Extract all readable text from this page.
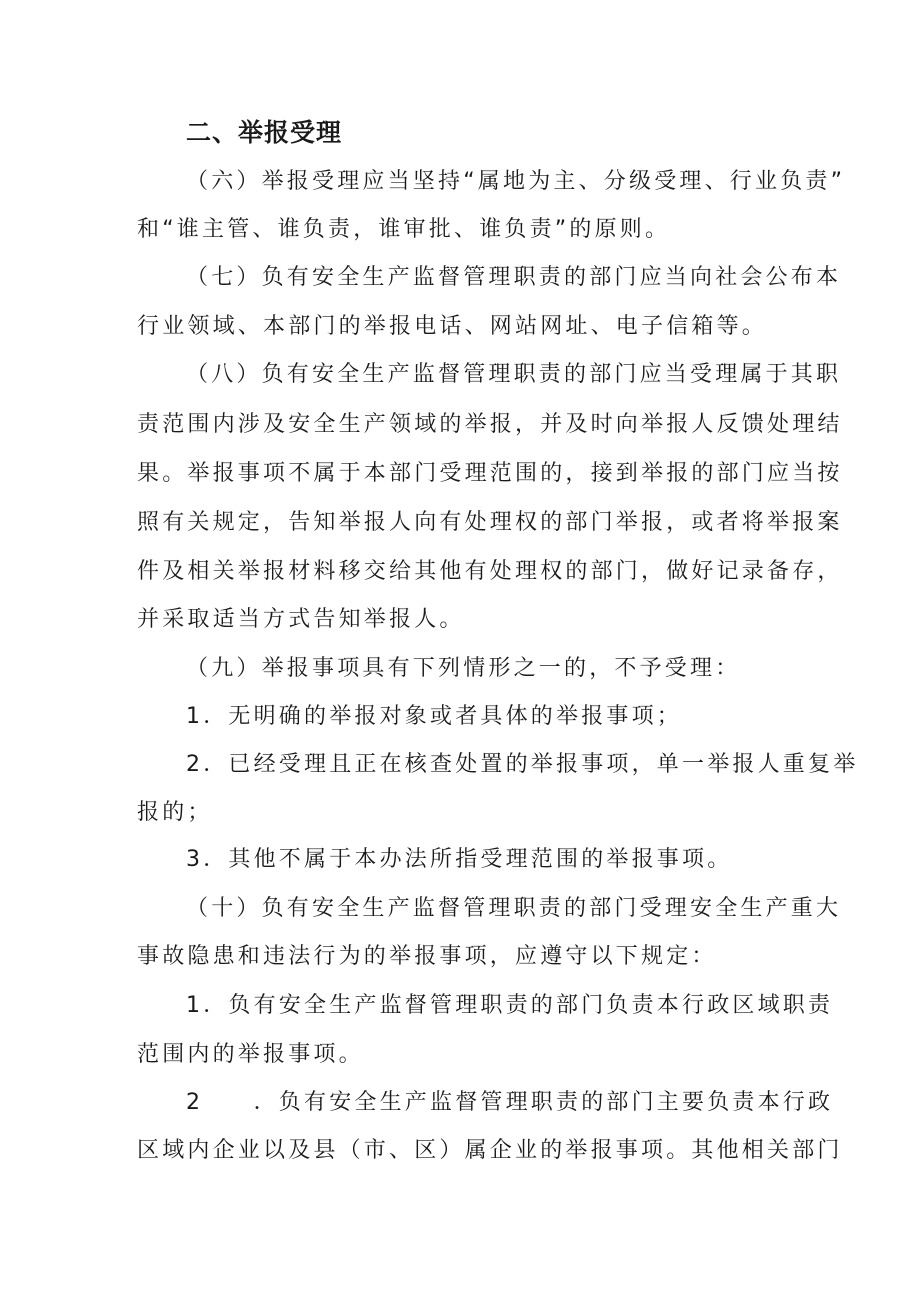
二、举报受理
（六）举报受理应当坚持“属地为主、分级受理、行业负责”
和“谁主管、谁负责，谁审批、谁负责”的原则。
（七）负有安全生产监督管理职责的部门应当向社会公布本
行业领域、本部门的举报电话、网站网址、电子信箱等。
（八）负有安全生产监督管理职责的部门应当受理属于其职
责范围内涉及安全生产领域的举报，并及时向举报人反馈处理结
果。举报事项不属于本部门受理范围的，接到举报的部门应当按
照有关规定，告知举报人向有处理权的部门举报，或者将举报案
件及相关举报材料移交给其他有处理权的部门，做好记录备存，
并采取适当方式告知举报人。
（九）举报事项具有下列情形之一的，不予受理：
1．无明确的举报对象或者具体的举报事项；
2．已经受理且正在核查处置的举报事项，单一举报人重复举
报的；
3．其他不属于本办法所指受理范围的举报事项。
（十）负有安全生产监督管理职责的部门受理安全生产重大
事故隐患和违法行为的举报事项，应遵守以下规定：
1．负有安全生产监督管理职责的部门负责本行政区域职责
范围内的举报事项。
2　　．负有安全生产监督管理职责的部门主要负责本行政
区域内企业以及县（市、区）属企业的举报事项。其他相关部门
